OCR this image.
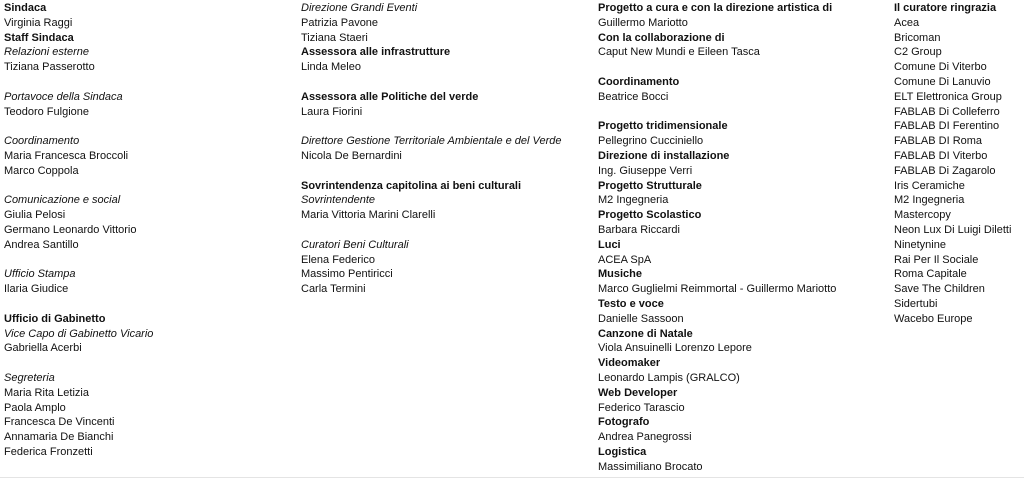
Sindaca
Virginia Raggi
Staff Sindaca
Relazioni esterne
Tiziana Passerotto
Portavoce della Sindaca
Teodoro Fulgione
Coordinamento
Maria Francesca Broccoli
Marco Coppola
Comunicazione e social
Giulia Pelosi
Germano Leonardo Vittorio
Andrea Santillo
Ufficio Stampa
Ilaria Giudice
Ufficio di Gabinetto
Vice Capo di Gabinetto Vicario
Gabriella Acerbi
Segreteria
Maria Rita Letizia
Paola Amplo
Francesca De Vincenti
Annamaria De Bianchi
Federica Fronzetti
Direzione Grandi Eventi
Patrizia Pavone
Tiziana Staeri
Assessora alle infrastrutture
Linda Meleo
Assessora alle Politiche del verde
Laura Fiorini
Direttore Gestione Territoriale Ambientale e del Verde
Nicola De Bernardini
Sovrintendenza capitolina ai beni culturali
Sovrintendente
Maria Vittoria Marini Clarelli
Curatori Beni Culturali
Elena Federico
Massimo Pentiricci
Carla Termini
Progetto a cura e con la direzione artistica di
Guillermo Mariotto
Con la collaborazione di
Caput New Mundi e Eileen Tasca
Coordinamento
Beatrice Bocci
Progetto tridimensionale
Pellegrino Cucciniello
Direzione di installazione
Ing. Giuseppe Verri
Progetto Strutturale
M2 Ingegneria
Progetto Scolastico
Barbara Riccardi
Luci
ACEA SpA
Musiche
Marco Guglielmi Reimmortal - Guillermo Mariotto
Testo e voce
Danielle Sassoon
Canzone di Natale
Viola Ansuinelli Lorenzo Lepore
Videomaker
Leonardo Lampis (GRALCO)
Web Developer
Federico Tarascio
Fotografo
Andrea Panegrossi
Logistica
Massimiliano Brocato
Il curatore ringrazia
Acea
Bricoman
C2 Group
Comune Di Viterbo
Comune Di Lanuvio
ELT Elettronica Group
FABLAB Di Colleferro
FABLAB DI Ferentino
FABLAB DI Roma
FABLAB DI Viterbo
FABLAB Di Zagarolo
Iris Ceramiche
M2 Ingegneria
Mastercopy
Neon Lux Di Luigi Diletti
Ninetynine
Rai Per Il Sociale
Roma Capitale
Save The Children
Sidertubi
Wacebo Europe
